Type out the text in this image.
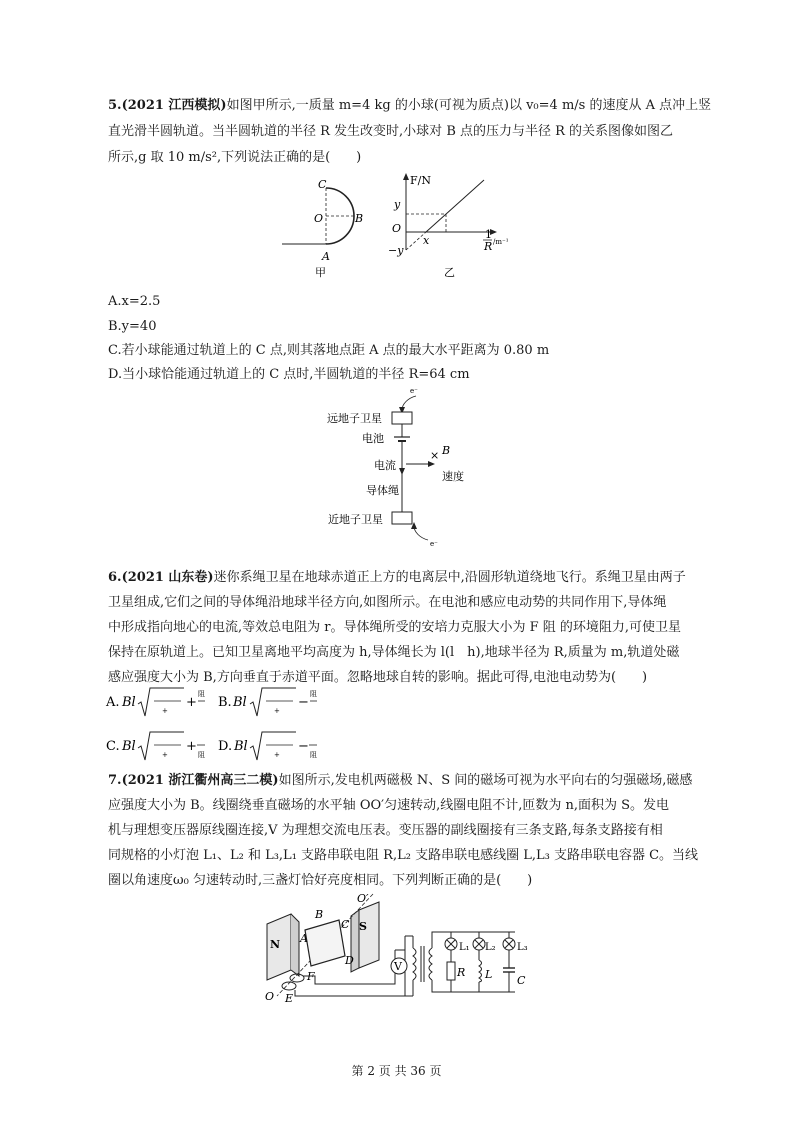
5.(2021 江西模拟)如图甲所示,一质量 m=4 kg 的小球(可视为质点)以 v₀=4 m/s 的速度从 A 点冲上竖
直光滑半圆轨道。当半圆轨道的半径 R 发生改变时,小球对 B 点的压力与半径 R 的关系图像如图乙
所示,g 取 10 m/s²,下列说法正确的是(　　)
C
O	B
A
甲
F/N
y
O
−y
x	1
R /m⁻¹
乙
A.x=2.5
B.y=40
C.若小球能通过轨道上的 C 点,则其落地点距 A 点的最大水平距离为 0.80 m
D.当小球恰能通过轨道上的 C 点时,半圆轨道的半径 R=64 cm
e⁻
远地子卫星
电池
电流
× B
速度
导体绳
近地子卫星
e⁻
6.(2021 山东卷)迷你系绳卫星在地球赤道正上方的电离层中,沿圆形轨道绕地飞行。系绳卫星由两子
卫星组成,它们之间的导体绳沿地球半径方向,如图所示。在电池和感应电动势的共同作用下,导体绳
中形成指向地心的电流,等效总电阻为 r。导体绳所受的安培力克服大小为 F 阻 的环境阻力,可使卫星
保持在原轨道上。已知卫星离地平均高度为 h,导体绳长为 l(l　h),地球半径为 R,质量为 m,轨道处磁
感应强度大小为 B,方向垂直于赤道平面。忽略地球自转的影响。据此可得,电池电动势为(　　)
A. Bl
+
+
阻
B. Bl
+
−
阻
C. Bl
+
+
阻
D. Bl
+
−
阻
7.(2021 浙江衢州高三二模)如图所示,发电机两磁极 N、S 间的磁场可视为水平向右的匀强磁场,磁感
应强度大小为 B。线圈绕垂直磁场的水平轴 OO′匀速转动,线圈电阻不计,匝数为 n,面积为 S。发电
机与理想变压器原线圈连接,V 为理想交流电压表。变压器的副线圈接有三条支路,每条支路接有相
同规格的小灯泡 L₁、L₂ 和 L₃,L₁ 支路串联电阻 R,L₂ 支路串联电感线圈 L,L₃ 支路串联电容器 C。当线
圈以角速度ω₀ 匀速转动时,三盏灯恰好亮度相同。下列判断正确的是(　　)
N
S
O′
O
B
A
C
D
F
E
V
L₁
R
L₂
L
L₃
C
第 2 页 共 36 页
